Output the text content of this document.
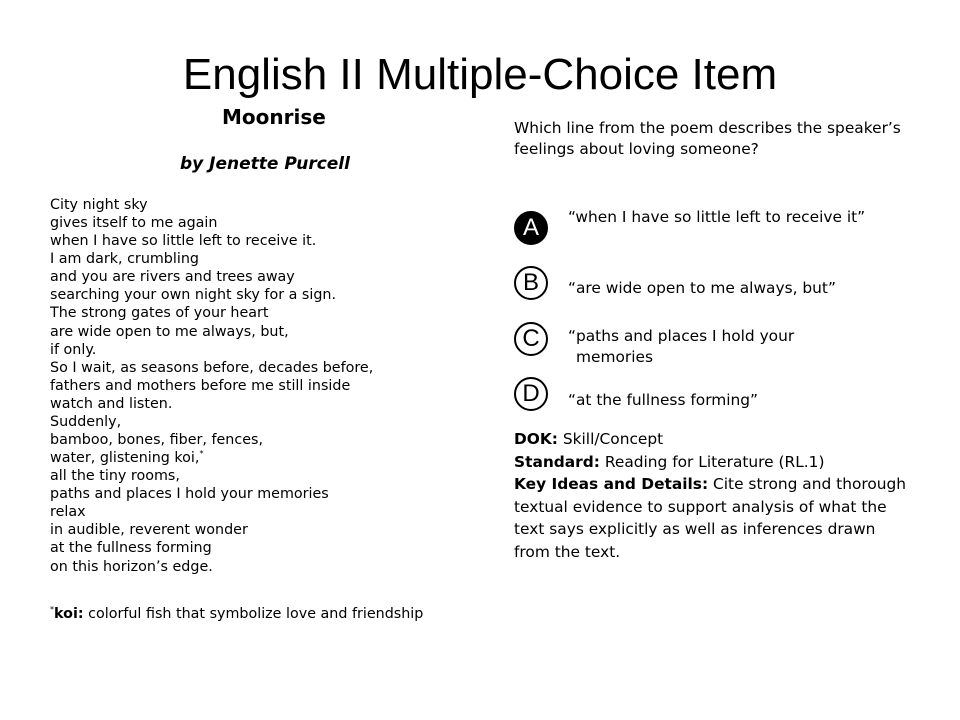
English II Multiple-Choice Item
Moonrise
by Jenette Purcell
City night sky
gives itself to me again
when I have so little left to receive it.
I am dark, crumbling
and you are rivers and trees away
searching your own night sky for a sign.
The strong gates of your heart
are wide open to me always, but,
if only.
So I wait, as seasons before, decades before,
fathers and mothers before me still inside
watch and listen.
Suddenly,
bamboo, bones, fiber, fences,
water, glistening koi,*
all the tiny rooms,
paths and places I hold your memories
relax
in audible, reverent wonder
at the fullness forming
on this horizon’s edge.
*koi: colorful fish that symbolize love and friendship
Which line from the poem describes the speaker’s feelings about loving someone?
A	“when I have so little left to receive it”
B	“are wide open to me always, but”
C	“paths and places I hold your memories
D	“at the fullness forming”
DOK: Skill/Concept
Standard: Reading for Literature (RL.1)
Key Ideas and Details: Cite strong and thorough textual evidence to support analysis of what the text says explicitly as well as inferences drawn from the text.
